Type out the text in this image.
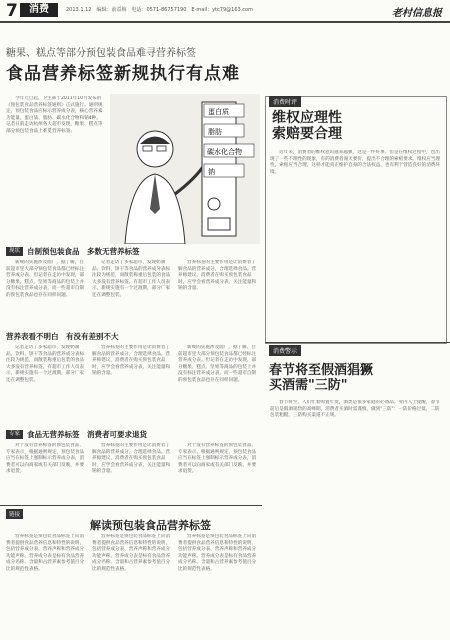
7	消费	2013.1.12　编辑：俞益梅　电话：0571-86757190　E-mail：ytc79@163.com	老村信息报
糖果、糕点等部分预包装食品难寻营养标签
食品营养标签新规执行有点难

今年元旦起，卫生部于2011年10月发布的《预包装食品营养标签通则》正式施行。通则规定，预包装食品应标示营养成分表，核心营养素为能量、蛋白质、脂肪、碳水化合物和钠4种。记者日前走访杭州各大超市发现，糖果、糕点等部分预包装食品上难觅营养标签。

蛋白质
脂肪
碳水化合物
钠
现状 自制预包装食品　多数无营养标签

新规的实施涉及面广，据了解，目前超市里大部分预包装食品都已经标注营养成分表。但记者在走访中发现，部分糖果、糕点、坚果等商品的包装上并没有标注营养成分表，而一些超市自制的预包装食品也存在同样问题。

记者走访了多家超市，发现奶制品、饮料、饼干等食品的营养成分表标注较为规范，而散装称重后包装的食品大多没有营养标签。有超市工作人员表示，新规实施有一个过渡期，部分厂家还在调整包装。

营养标签的主要作用是让消费者了解食品的营养成分，合理选择食品。营养师建议，消费者在购买预包装食品时，应学会看营养成分表，关注能量和钠的含量。

营养表看不明白　有没有差别不大

记者走访了多家超市，发现奶制品、饮料、饼干等食品的营养成分表标注较为规范，而散装称重后包装的食品大多没有营养标签。有超市工作人员表示，新规实施有一个过渡期，部分厂家还在调整包装。

营养标签的主要作用是让消费者了解食品的营养成分，合理选择食品。营养师建议，消费者在购买预包装食品时，应学会看营养成分表，关注能量和钠的含量。

新规的实施涉及面广，据了解，目前超市里大部分预包装食品都已经标注营养成分表。但记者在走访中发现，部分糖果、糕点、坚果等商品的包装上并没有标注营养成分表，而一些超市自制的预包装食品也存在同样问题。

专家 食品无营养标签　消费者可要求退货

对于没有营养标签的预包装食品，专家表示，根据通则规定，预包装食品应当在标签上强制标示营养成分表，消费者可以向商家或有关部门反映，并要求退货。

营养标签的主要作用是让消费者了解食品的营养成分，合理选择食品。营养师建议，消费者在购买预包装食品时，应学会看营养成分表，关注能量和钠的含量。

对于没有营养标签的预包装食品，专家表示，根据通则规定，预包装食品应当在标签上强制标示营养成分表，消费者可以向商家或有关部门反映，并要求退货。

消费时评
维权应理性
索赔要合理

近年来，消费者的维权意识越来越强，这是一件好事。但是在维权过程中，也出现了一些不理性的现象，有的消费者漫天要价，提出不合理的索赔要求。维权应当理性，索赔应当合理，这样才能真正维护自身的合法权益，也有利于营造良好的消费环境。

消费警示
春节将至假酒猖獗
买酒需"三防"

春节将至，人们忙着购置年货，酒类是很多家庭的必备品。业内人士提醒，春节前后是假酒销售的高峰期，消费者买酒时需谨慎，做到"三防"：一防价格过低，二防包装粗糙，三防购买渠道不正规。

链接
解读预包装食品营养标签

营养标签是预包装食品标签上向消费者提供食品营养信息和特性的说明，包括营养成分表、营养声称和营养成分功能声称。营养成分表是标有食品营养成分名称、含量和占营养素参考值百分比的规范性表格。

营养标签是预包装食品标签上向消费者提供食品营养信息和特性的说明，包括营养成分表、营养声称和营养成分功能声称。营养成分表是标有食品营养成分名称、含量和占营养素参考值百分比的规范性表格。

营养标签是预包装食品标签上向消费者提供食品营养信息和特性的说明，包括营养成分表、营养声称和营养成分功能声称。营养成分表是标有食品营养成分名称、含量和占营养素参考值百分比的规范性表格。
